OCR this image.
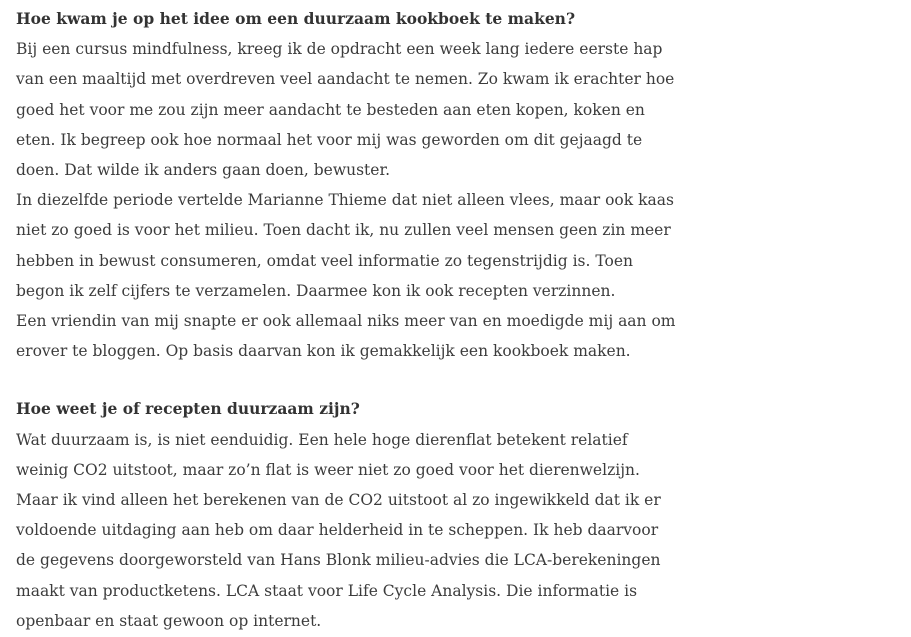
Hoe kwam je op het idee om een duurzaam kookboek te maken?

Bij een cursus mindfulness, kreeg ik de opdracht een week lang iedere eerste hap

van een maaltijd met overdreven veel aandacht te nemen. Zo kwam ik erachter hoe

goed het voor me zou zijn meer aandacht te besteden aan eten kopen, koken en

eten. Ik begreep ook hoe normaal het voor mij was geworden om dit gejaagd te

doen. Dat wilde ik anders gaan doen, bewuster.

In diezelfde periode vertelde Marianne Thieme dat niet alleen vlees, maar ook kaas

niet zo goed is voor het milieu. Toen dacht ik, nu zullen veel mensen geen zin meer

hebben in bewust consumeren, omdat veel informatie zo tegenstrijdig is. Toen

begon ik zelf cijfers te verzamelen. Daarmee kon ik ook recepten verzinnen.

Een vriendin van mij snapte er ook allemaal niks meer van en moedigde mij aan om

erover te bloggen. Op basis daarvan kon ik gemakkelijk een kookboek maken.

Hoe weet je of recepten duurzaam zijn?

Wat duurzaam is, is niet eenduidig. Een hele hoge dierenflat betekent relatief

weinig CO2 uitstoot, maar zo’n flat is weer niet zo goed voor het dierenwelzijn.

Maar ik vind alleen het berekenen van de CO2 uitstoot al zo ingewikkeld dat ik er

voldoende uitdaging aan heb om daar helderheid in te scheppen. Ik heb daarvoor

de gegevens doorgeworsteld van Hans Blonk milieu-advies die LCA-berekeningen

maakt van productketens. LCA staat voor Life Cycle Analysis. Die informatie is

openbaar en staat gewoon op internet.
